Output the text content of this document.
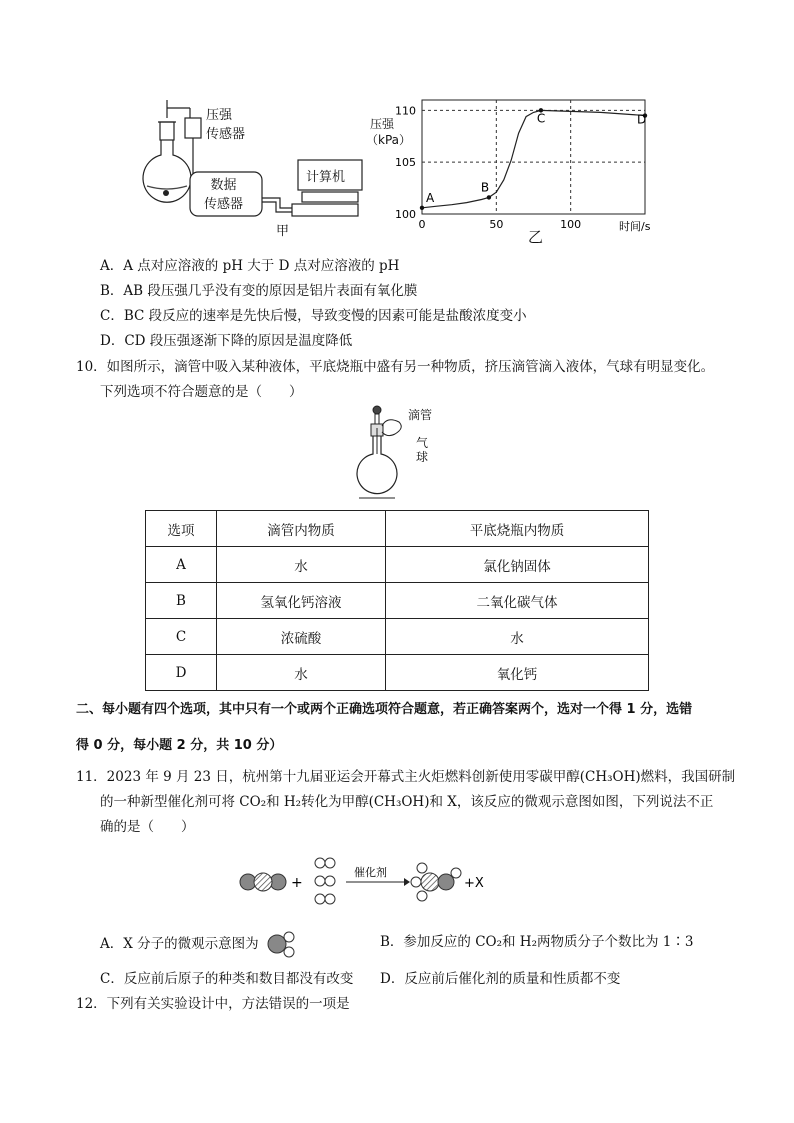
压强
传感器
数据
传感器
计算机
甲
压强
（kPa）
110
105
100
0	50	100	时间/s
A
B
C	D
A．A 点对应溶液的 pH 大于 D 点对应溶液的 pH
B．AB 段压强几乎没有变的原因是铝片表面有氧化膜
C．BC 段反应的速率是先快后慢，导致变慢的因素可能是盐酸浓度变小
D．CD 段压强逐渐下降的原因是温度降低
10．如图所示，滴管中吸入某种液体，平底烧瓶中盛有另一种物质，挤压滴管滴入液体，气球有明显变化。
下列选项不符合题意的是（　　）
滴管
气
球
选项	滴管内物质	平底烧瓶内物质
A	水	氯化钠固体
B	氢氧化钙溶液	二氧化碳气体
C	浓硫酸	水
D	水	氧化钙
二、每小题有四个选项，其中只有一个或两个正确选项符合题意，若正确答案两个，选对一个得 1 分，选错
得 0 分，每小题 2 分，共 10 分）
11．2023 年 9 月 23 日，杭州第十九届亚运会开幕式主火炬燃料创新使用零碳甲醇(CH₃OH)燃料，我国研制
的一种新型催化剂可将 CO₂和 H₂转化为甲醇(CH₃OH)和 X，该反应的微观示意图如图，下列说法不正
确的是（　　）
+
催化剂
+X
A．X 分子的微观示意图为	B．参加反应的 CO₂和 H₂两物质分子个数比为 1∶3
C．反应前后原子的种类和数目都没有改变 D．反应前后催化剂的质量和性质都不变
12．下列有关实验设计中，方法错误的一项是
乙
